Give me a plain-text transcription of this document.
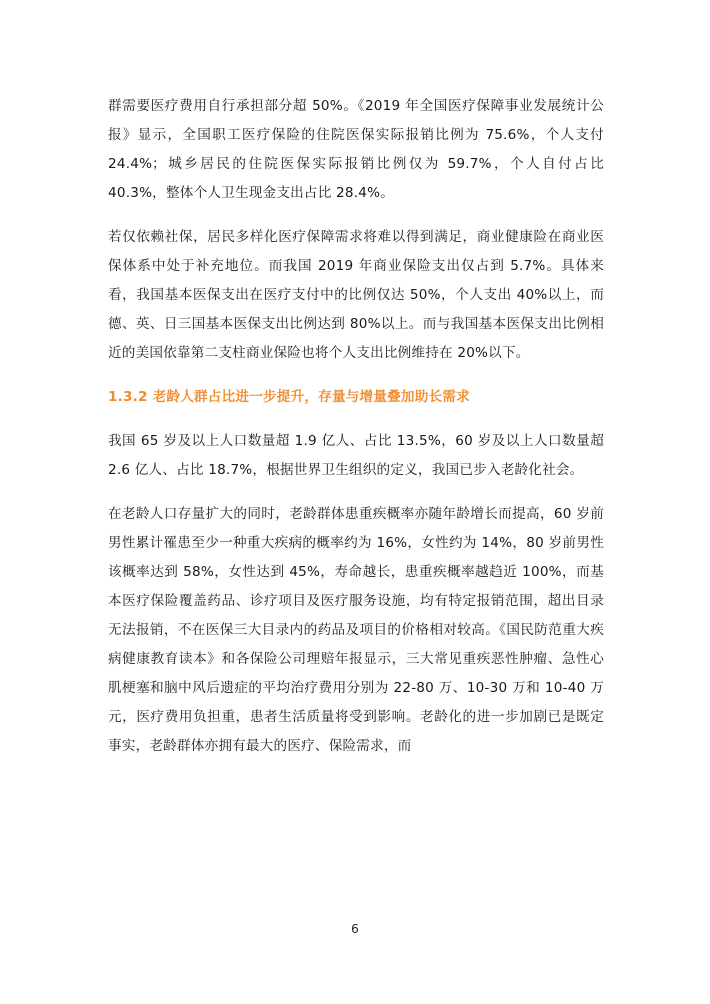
群需要医疗费用自行承担部分超 50%。《2019 年全国医疗保障事业发展统计公报》显示，全国职工医疗保险的住院医保实际报销比例为 75.6%，个人支付 24.4%；城乡居民的住院医保实际报销比例仅为 59.7%，个人自付占比 40.3%，整体个人卫生现金支出占比 28.4%。

若仅依赖社保，居民多样化医疗保障需求将难以得到满足，商业健康险在商业医保体系中处于补充地位。而我国 2019 年商业保险支出仅占到 5.7%。具体来看，我国基本医保支出在医疗支付中的比例仅达 50%，个人支出 40%以上，而德、英、日三国基本医保支出比例达到 80%以上。而与我国基本医保支出比例相近的美国依靠第二支柱商业保险也将个人支出比例维持在 20%以下。

1.3.2 老龄人群占比进一步提升，存量与增量叠加助长需求

我国 65 岁及以上人口数量超 1.9 亿人、占比 13.5%，60 岁及以上人口数量超 2.6 亿人、占比 18.7%，根据世界卫生组织的定义，我国已步入老龄化社会。

在老龄人口存量扩大的同时，老龄群体患重疾概率亦随年龄增长而提高，60 岁前男性累计罹患至少一种重大疾病的概率约为 16%，女性约为 14%，80 岁前男性该概率达到 58%，女性达到 45%，寿命越长，患重疾概率越趋近 100%，而基本医疗保险覆盖药品、诊疗项目及医疗服务设施，均有特定报销范围，超出目录无法报销，不在医保三大目录内的药品及项目的价格相对较高。《国民防范重大疾病健康教育读本》和各保险公司理赔年报显示，三大常见重疾恶性肿瘤、急性心肌梗塞和脑中风后遗症的平均治疗费用分别为 22-80 万、10-30 万和 10-40 万元，医疗费用负担重，患者生活质量将受到影响。老龄化的进一步加剧已是既定事实，老龄群体亦拥有最大的医疗、保险需求，而

6
